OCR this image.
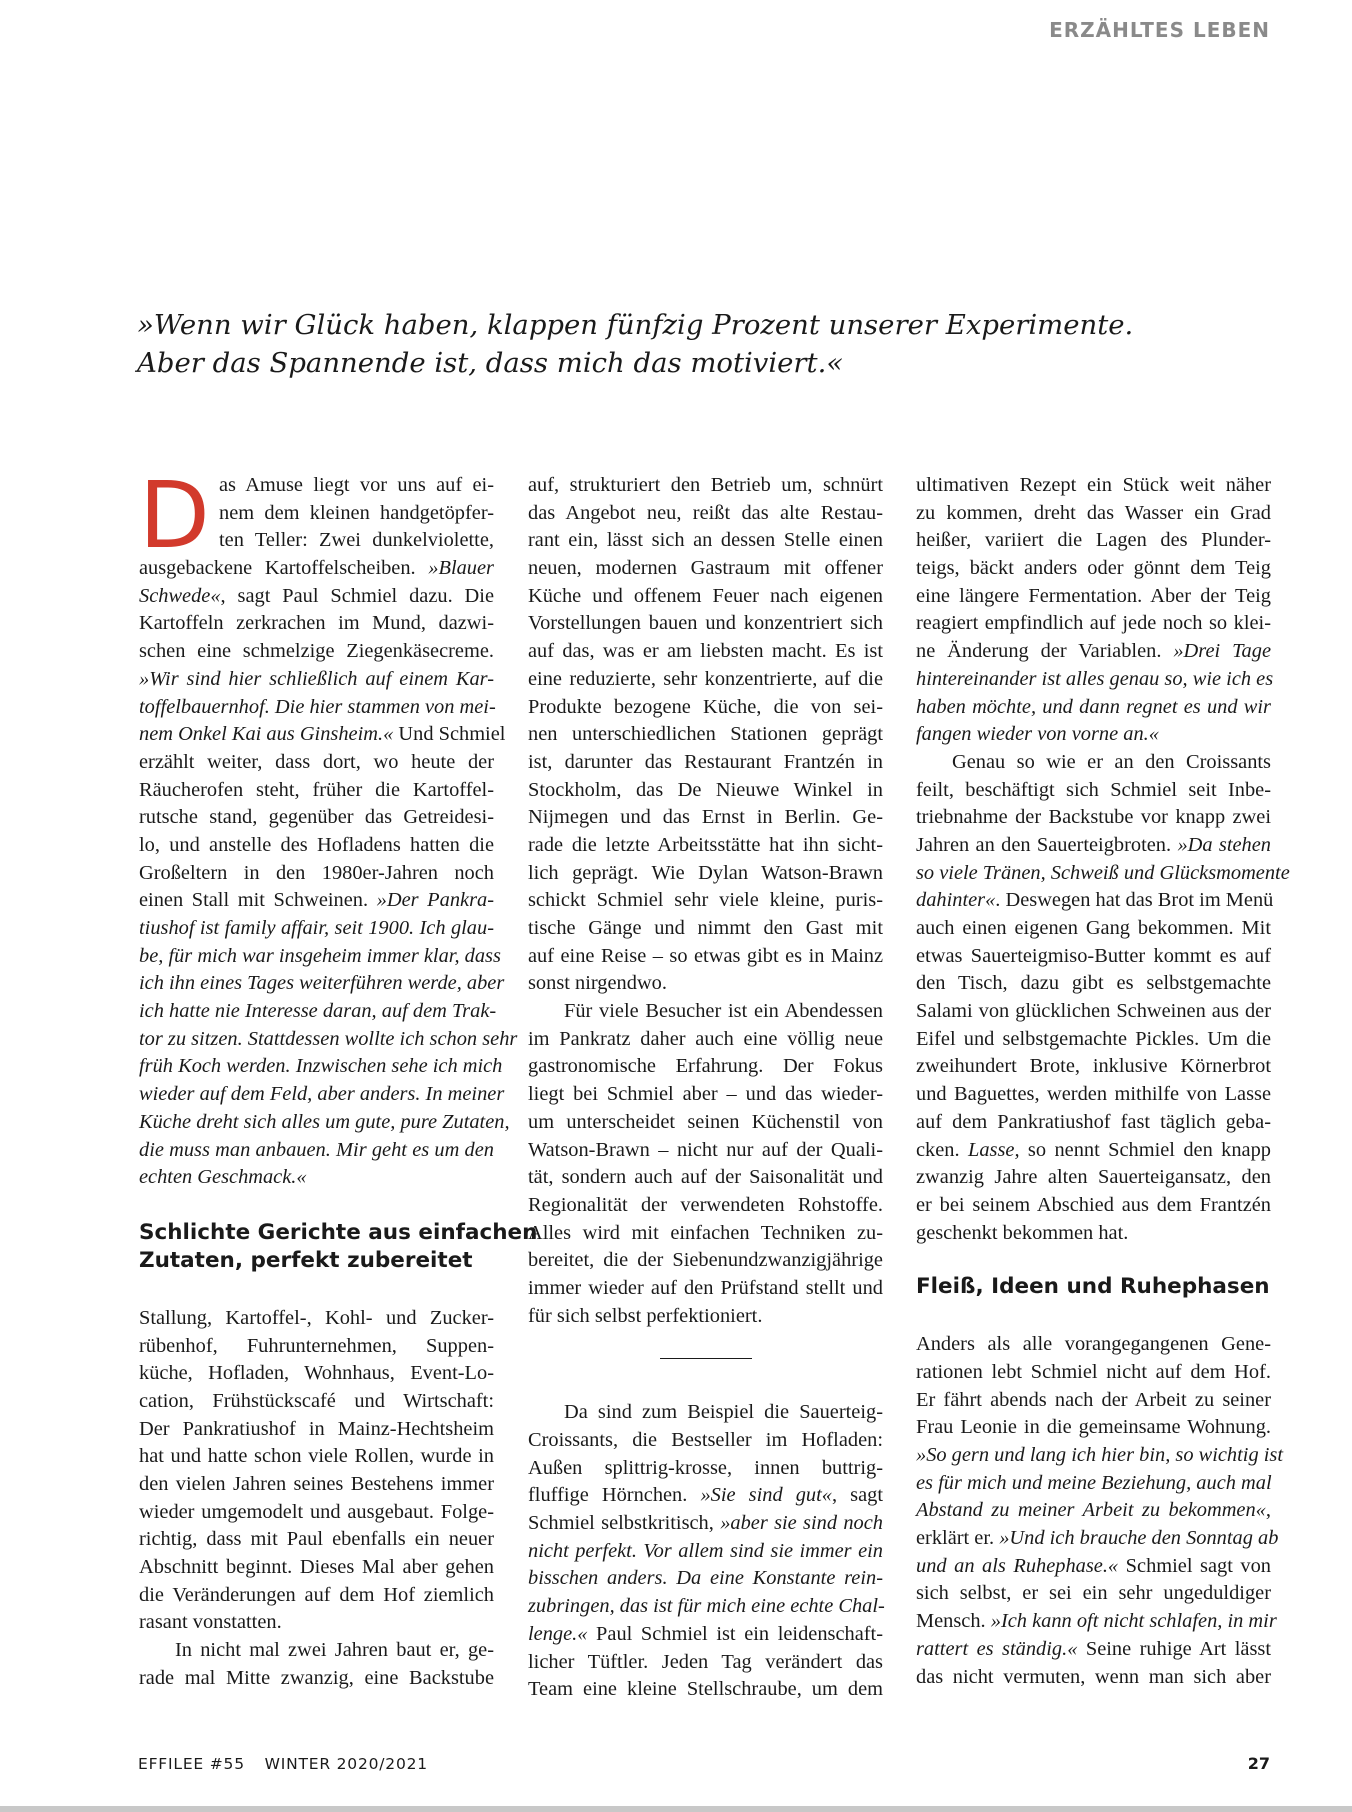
ERZÄHLTES LEBEN
»Wenn wir Glück haben, klappen fünfzig Prozent unserer Experimente.
Aber das Spannende ist, dass mich das motiviert.«
D as Amuse liegt vor uns auf ei-
nem dem kleinen handgetöpfer-
ten Teller: Zwei dunkelviolette,
ausgebackene Kartoffelscheiben. »Blauer
Schwede«, sagt Paul Schmiel dazu. Die
Kartoffeln zerkrachen im Mund, dazwi-
schen eine schmelzige Ziegenkäsecreme.
»Wir sind hier schließlich auf einem Kar-
toffelbauernhof. Die hier stammen von mei-
nem Onkel Kai aus Ginsheim.« Und Schmiel
erzählt weiter, dass dort, wo heute der
Räucherofen steht, früher die Kartoffel-
rutsche stand, gegenüber das Getreidesi-
lo, und anstelle des Hofladens hatten die
Großeltern in den 1980er-Jahren noch
einen Stall mit Schweinen. »Der Pankra-
tiushof ist family affair, seit 1900. Ich glau-
be, für mich war insgeheim immer klar, dass
ich ihn eines Tages weiterführen werde, aber
ich hatte nie Interesse daran, auf dem Trak-
tor zu sitzen. Stattdessen wollte ich schon sehr
früh Koch werden. Inzwischen sehe ich mich
wieder auf dem Feld, aber anders. In meiner
Küche dreht sich alles um gute, pure Zutaten,
die muss man anbauen. Mir geht es um den
echten Geschmack.«
Schlichte Gerichte aus einfachen
Zutaten, perfekt zubereitet
Stallung, Kartoffel-, Kohl- und Zucker-
rübenhof, Fuhrunternehmen, Suppen-
küche, Hofladen, Wohnhaus, Event-Lo-
cation, Frühstückscafé und Wirtschaft:
Der Pankratiushof in Mainz-Hechtsheim
hat und hatte schon viele Rollen, wurde in
den vielen Jahren seines Bestehens immer
wieder umgemodelt und ausgebaut. Folge-
richtig, dass mit Paul ebenfalls ein neuer
Abschnitt beginnt. Dieses Mal aber gehen
die Veränderungen auf dem Hof ziemlich
rasant vonstatten.
In nicht mal zwei Jahren baut er, ge-
rade mal Mitte zwanzig, eine Backstube
auf, strukturiert den Betrieb um, schnürt
das Angebot neu, reißt das alte Restau-
rant ein, lässt sich an dessen Stelle einen
neuen, modernen Gastraum mit offener
Küche und offenem Feuer nach eigenen
Vorstellungen bauen und konzentriert sich
auf das, was er am liebsten macht. Es ist
eine reduzierte, sehr konzentrierte, auf die
Produkte bezogene Küche, die von sei-
nen unterschiedlichen Stationen geprägt
ist, darunter das Restaurant Frantzén in
Stockholm, das De Nieuwe Winkel in
Nijmegen und das Ernst in Berlin. Ge-
rade die letzte Arbeitsstätte hat ihn sicht-
lich geprägt. Wie Dylan Watson-Brawn
schickt Schmiel sehr viele kleine, puris-
tische Gänge und nimmt den Gast mit
auf eine Reise – so etwas gibt es in Mainz
sonst nirgendwo.
Für viele Besucher ist ein Abendessen
im Pankratz daher auch eine völlig neue
gastronomische Erfahrung. Der Fokus
liegt bei Schmiel aber – und das wieder-
um unterscheidet seinen Küchenstil von
Watson-Brawn – nicht nur auf der Quali-
tät, sondern auch auf der Saisonalität und
Regionalität der verwendeten Rohstoffe.
Alles wird mit einfachen Techniken zu-
bereitet, die der Siebenundzwanzigjährige
immer wieder auf den Prüfstand stellt und
für sich selbst perfektioniert.
Da sind zum Beispiel die Sauerteig-
Croissants, die Bestseller im Hofladen:
Außen splittrig-krosse, innen buttrig-
fluffige Hörnchen. »Sie sind gut«, sagt
Schmiel selbstkritisch, »aber sie sind noch
nicht perfekt. Vor allem sind sie immer ein
bisschen anders. Da eine Konstante rein-
zubringen, das ist für mich eine echte Chal-
lenge.« Paul Schmiel ist ein leidenschaft-
licher Tüftler. Jeden Tag verändert das
Team eine kleine Stellschraube, um dem
ultimativen Rezept ein Stück weit näher
zu kommen, dreht das Wasser ein Grad
heißer, variiert die Lagen des Plunder-
teigs, bäckt anders oder gönnt dem Teig
eine längere Fermentation. Aber der Teig
reagiert empfindlich auf jede noch so klei-
ne Änderung der Variablen. »Drei Tage
hintereinander ist alles genau so, wie ich es
haben möchte, und dann regnet es und wir
fangen wieder von vorne an.«
Genau so wie er an den Croissants
feilt, beschäftigt sich Schmiel seit Inbe-
triebnahme der Backstube vor knapp zwei
Jahren an den Sauerteigbroten. »Da stehen
so viele Tränen, Schweiß und Glücksmomente
dahinter«. Deswegen hat das Brot im Menü
auch einen eigenen Gang bekommen. Mit
etwas Sauerteigmiso-Butter kommt es auf
den Tisch, dazu gibt es selbstgemachte
Salami von glücklichen Schweinen aus der
Eifel und selbstgemachte Pickles. Um die
zweihundert Brote, inklusive Körnerbrot
und Baguettes, werden mithilfe von Lasse
auf dem Pankratiushof fast täglich geba-
cken. Lasse, so nennt Schmiel den knapp
zwanzig Jahre alten Sauerteigansatz, den
er bei seinem Abschied aus dem Frantzén
geschenkt bekommen hat.
Fleiß, Ideen und Ruhephasen
Anders als alle vorangegangenen Gene-
rationen lebt Schmiel nicht auf dem Hof.
Er fährt abends nach der Arbeit zu seiner
Frau Leonie in die gemeinsame Wohnung.
»So gern und lang ich hier bin, so wichtig ist
es für mich und meine Beziehung, auch mal
Abstand zu meiner Arbeit zu bekommen«,
erklärt er. »Und ich brauche den Sonntag ab
und an als Ruhephase.« Schmiel sagt von
sich selbst, er sei ein sehr ungeduldiger
Mensch. »Ich kann oft nicht schlafen, in mir
rattert es ständig.« Seine ruhige Art lässt
das nicht vermuten, wenn man sich aber
EFFILEE #55 WINTER 2020/2021	27
